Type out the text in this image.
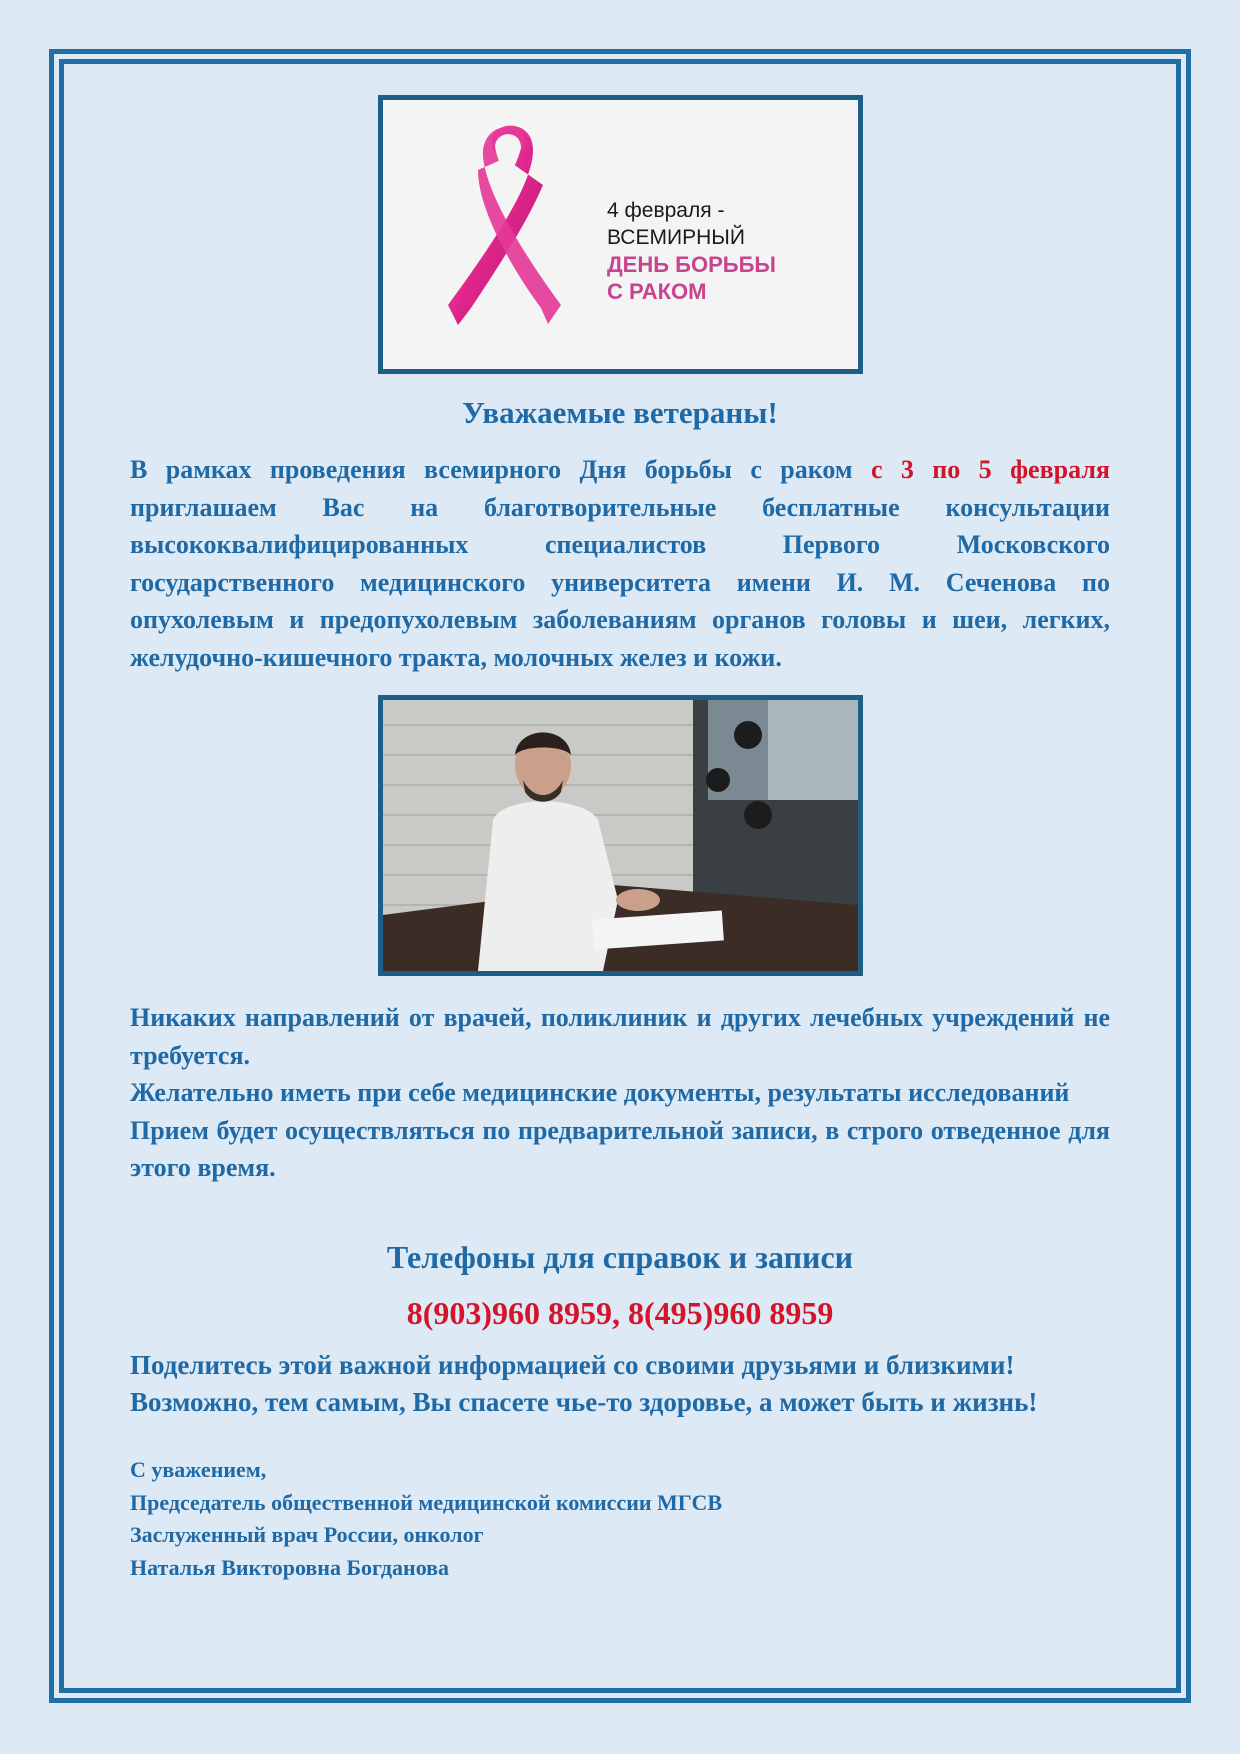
4 февраля -
ВСЕМИРНЫЙ
ДЕНЬ БОРЬБЫ
С РАКОМ
Уважаемые ветераны!
В рамках проведения всемирного Дня борьбы с раком с 3 по 5 февраля приглашаем Вас на благотворительные бесплатные консультации высококвалифицированных специалистов Первого Московского государственного медицинского университета имени И. М. Сеченова по опухолевым и предопухолевым заболеваниям органов головы и шеи, легких, желудочно-кишечного тракта, молочных желез и кожи.
Никаких направлений от врачей, поликлиник и других лечебных учреждений не требуется.
Желательно иметь при себе медицинские документы, результаты исследований
Прием будет осуществляться по предварительной записи, в строго отведенное для этого время.
Телефоны для справок и записи
8(903)960 8959, 8(495)960 8959
Поделитесь этой важной информацией со своими друзьями и близкими!
Возможно, тем самым, Вы спасете чье-то здоровье, а может быть и жизнь!
С уважением,
Председатель общественной медицинской комиссии МГСВ
Заслуженный врач России, онколог
Наталья Викторовна Богданова
